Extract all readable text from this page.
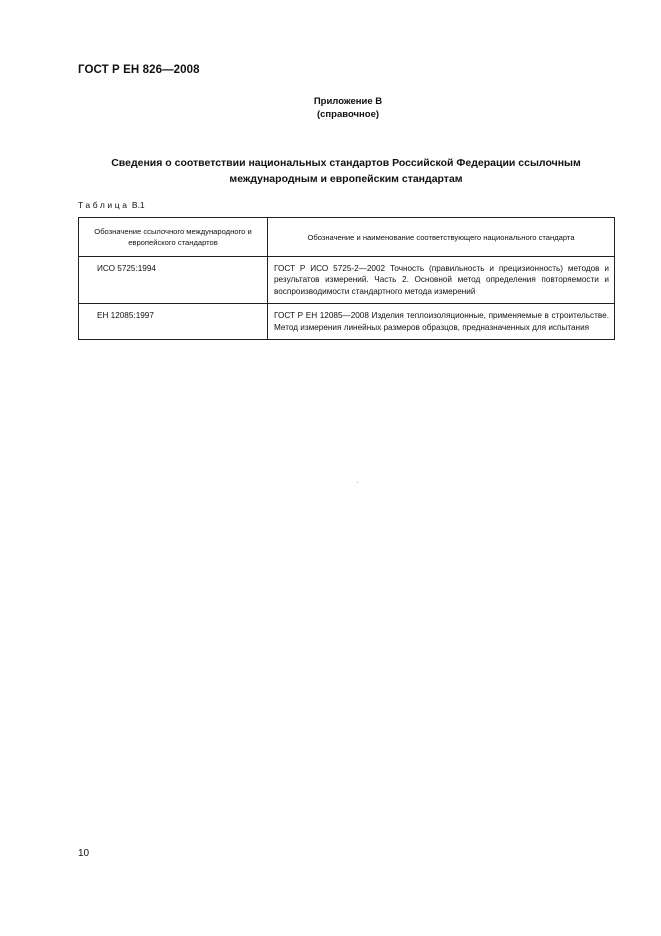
ГОСТ Р ЕН 826—2008
Приложение В
(справочное)
Сведения о соответствии национальных стандартов Российской Федерации ссылочным международным и европейским стандартам
Таблица В.1
Обозначение ссылочного международного и европейского стандартов	Обозначение и наименование соответствующего национального стандарта
ИСО 5725:1994	ГОСТ Р ИСО 5725-2—2002 Точность (правильность и прецизионность) методов и результатов измерений. Часть 2. Основной метод определения повторяемости и воспроизводимости стандартного метода измерений
ЕН 12085:1997	ГОСТ Р ЕН 12085—2008 Изделия теплоизоляционные, применяемые в строительстве. Метод измерения линейных размеров образцов, предназначенных для испытания
10
